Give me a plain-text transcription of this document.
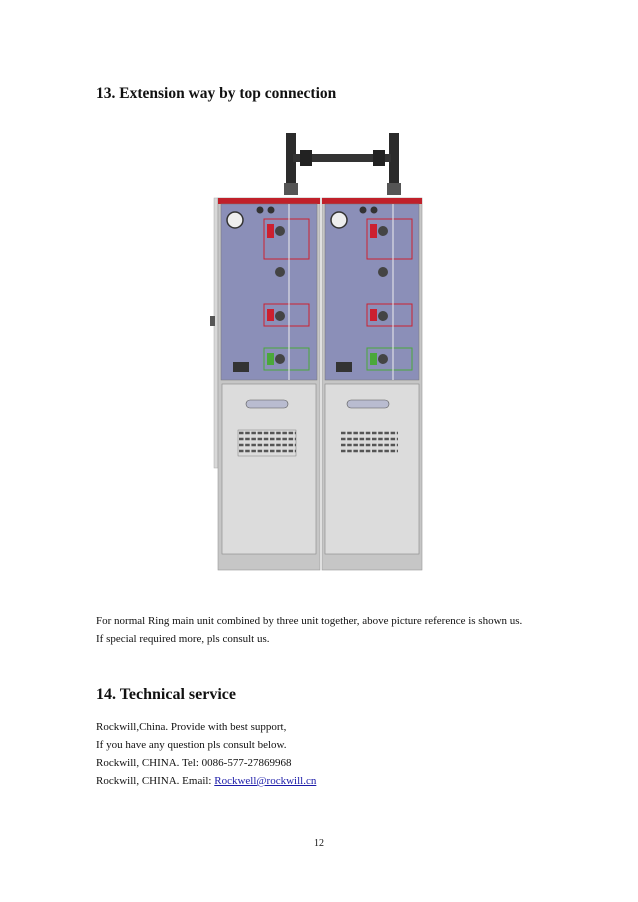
13. Extension way by top connection
For normal Ring main unit combined by three unit together, above picture reference is shown us.
If special required more, pls consult us.
14. Technical service
Rockwill,China. Provide with best support,
If you have any question pls consult below.
Rockwill, CHINA. Tel: 0086-577-27869968
Rockwill, CHINA. Email: Rockwell@rockwill.cn
12
